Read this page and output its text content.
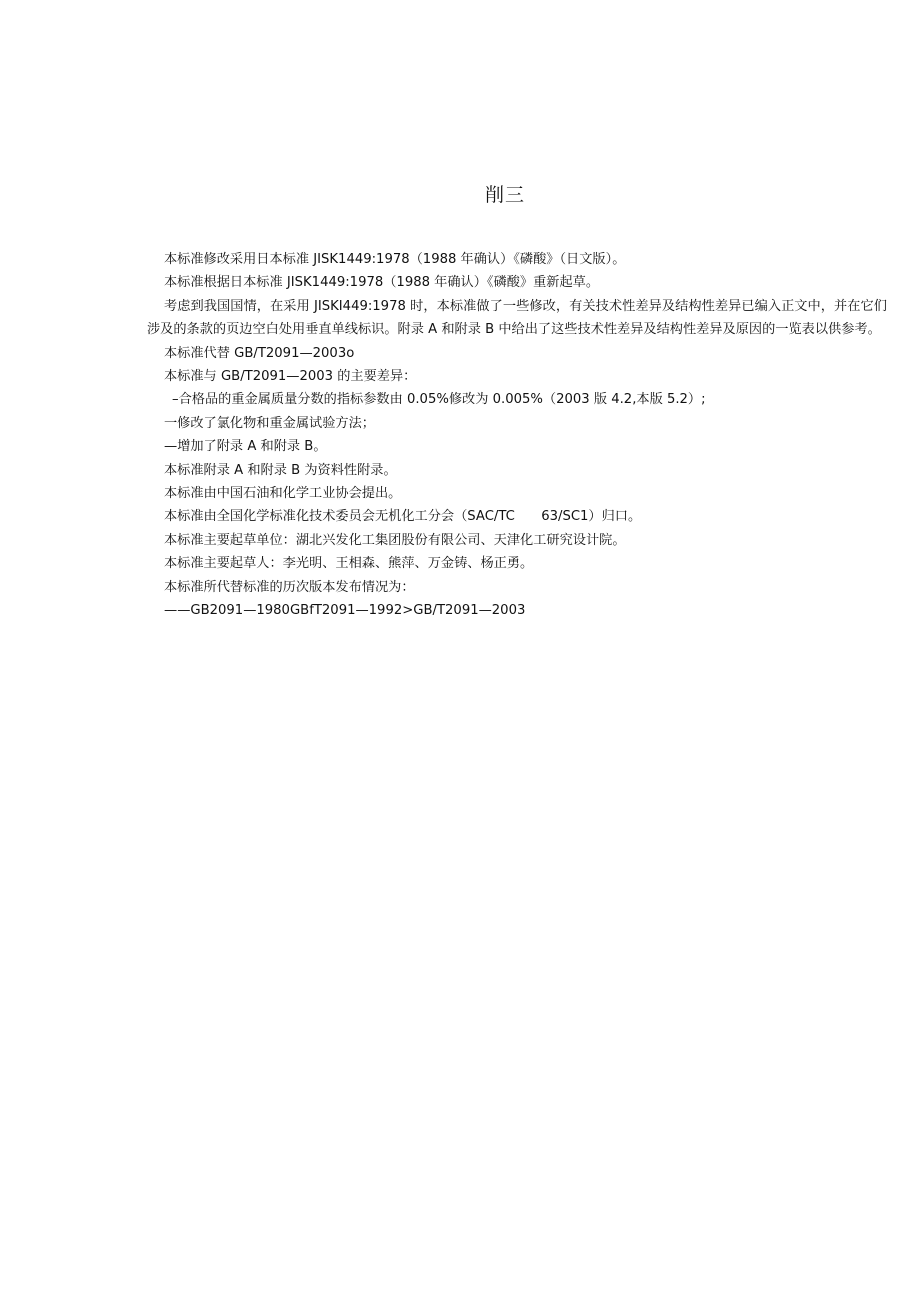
削三

本标准修改采用日本标准 JISK1449:1978（1988 年确认）《磷酸》（日文版）。

本标准根据日本标准 JISK1449:1978（1988 年确认）《磷酸》重新起草。

考虑到我国国情，在采用 JISKI449:1978 时，本标准做了一些修改，有关技术性差异及结构性差异已编入正文中，并在它们涉及的条款的页边空白处用垂直单线标识。附录 A 和附录 B 中给出了这些技术性差异及结构性差异及原因的一览表以供参考。

本标准代替 GB/T2091—2003o

本标准与 GB/T2091—2003 的主要差异：

–合格品的重金属质量分数的指标参数由 0.05%修改为 0.005%（2003 版 4.2,本版 5.2）;

一修改了氯化物和重金属试验方法；

—增加了附录 A 和附录 B。

本标准附录 A 和附录 B 为资料性附录。

本标准由中国石油和化学工业协会提出。

本标准由全国化学标准化技术委员会无机化工分会（SAC/TC　　63/SC1）归口。

本标准主要起草单位：湖北兴发化工集团股份有限公司、天津化工研究设计院。

本标准主要起草人：李光明、王相森、熊萍、万金铸、杨正勇。

本标准所代替标准的历次版本发布情况为：

——GB2091—1980GBfT2091—1992>GB/T2091—2003
